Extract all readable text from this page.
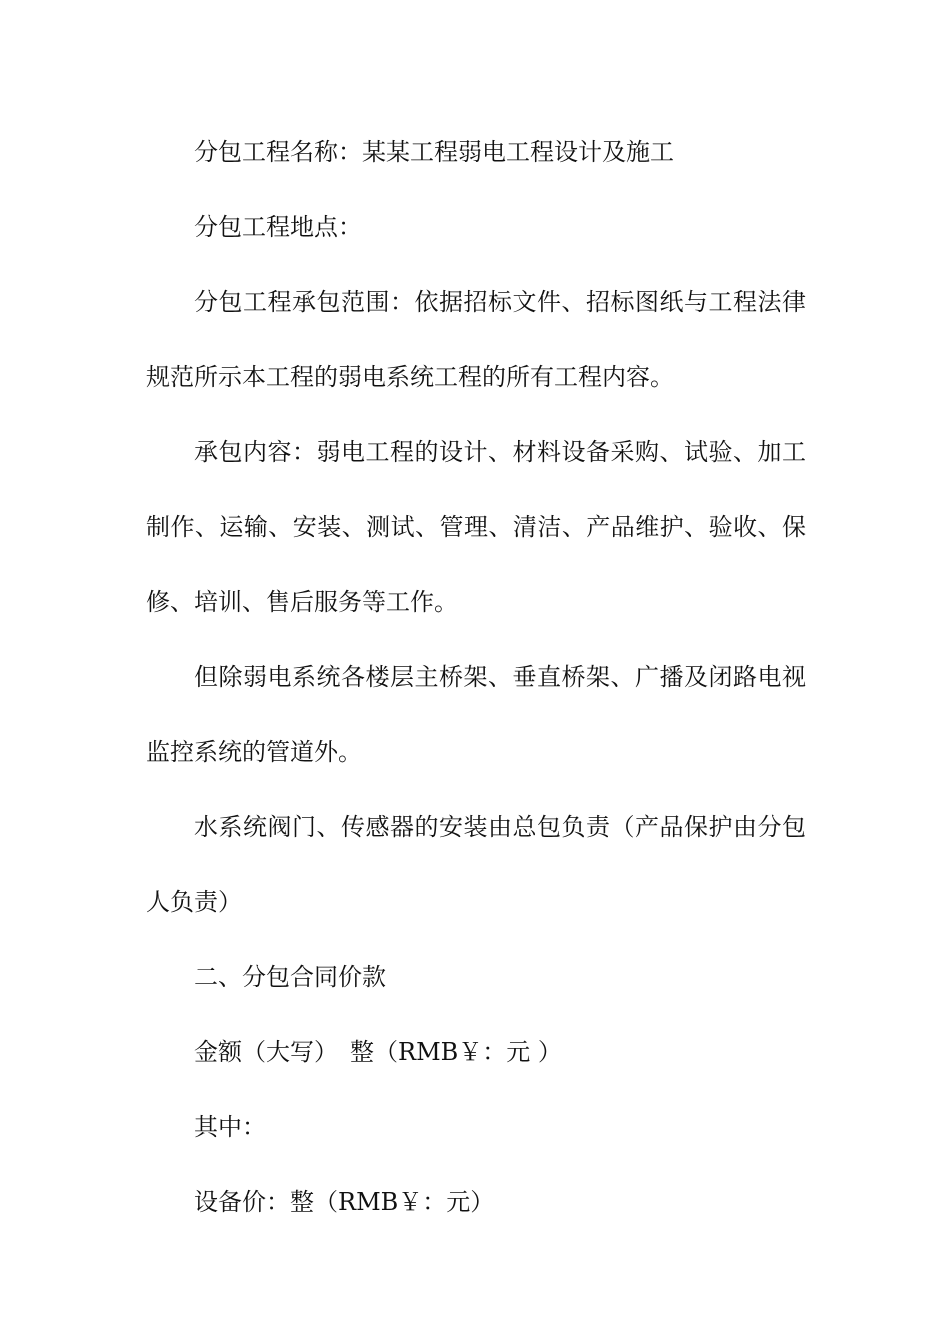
分包工程名称：某某工程弱电工程设计及施工

分包工程地点：

分包工程承包范围：依据招标文件、招标图纸与工程法律

规范所示本工程的弱电系统工程的所有工程内容。

承包内容：弱电工程的设计、材料设备采购、试验、加工

制作、运输、安装、测试、管理、清洁、产品维护、验收、保

修、培训、售后服务等工作。

但除弱电系统各楼层主桥架、垂直桥架、广播及闭路电视

监控系统的管道外。

水系统阀门、传感器的安装由总包负责（产品保护由分包

人负责）

二、分包合同价款

金额（大写）　整（RMB￥：元 ）

其中：

设备价：整（RMB￥：元）
